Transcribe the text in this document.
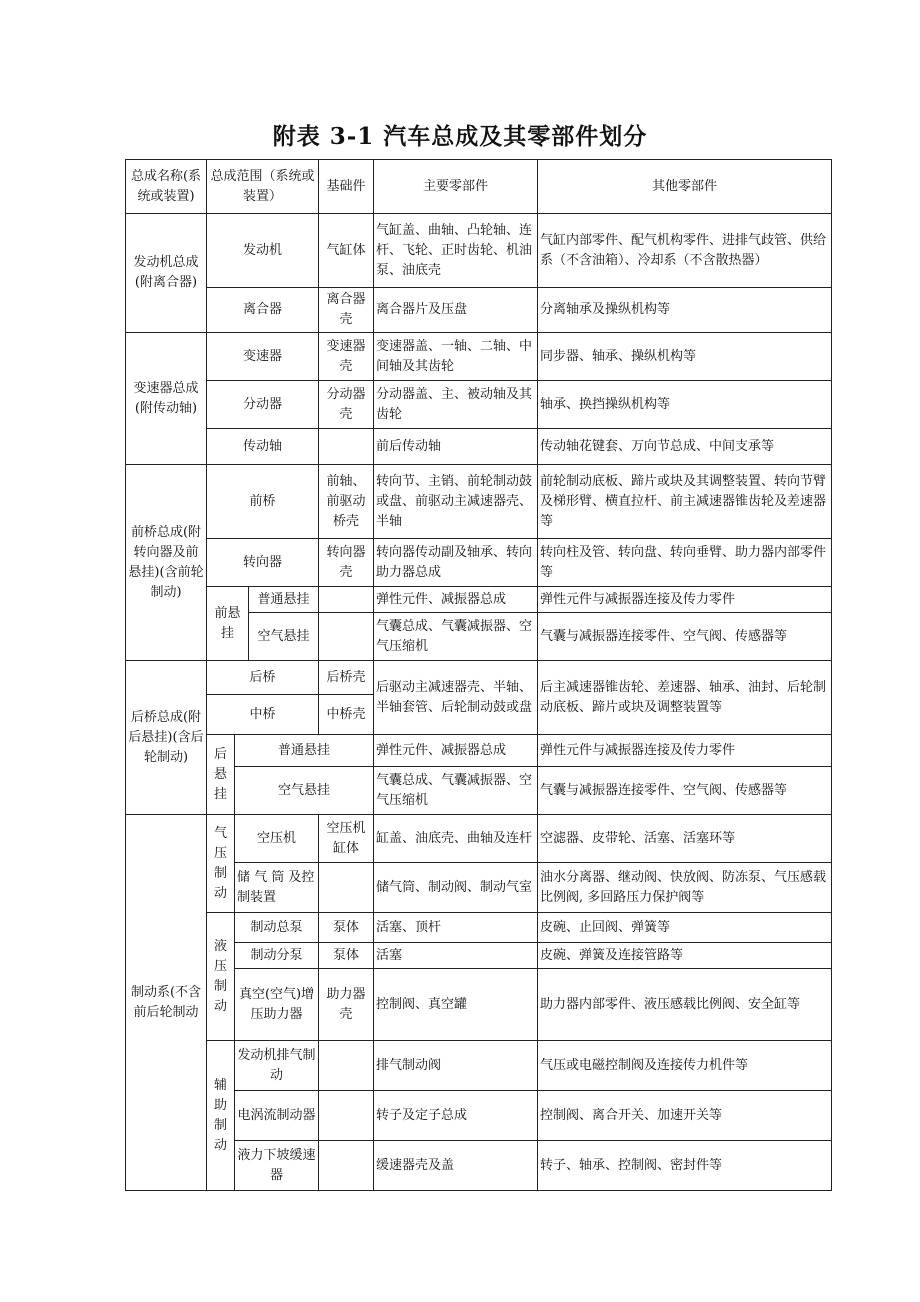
附表 3-1 汽车总成及其零部件划分
总成名称(系统或装置)	总成范围（系统或装置）			基础件	主要零部件	其他零部件
发动机总成(附离合器)	发动机			气缸体	气缸盖、曲轴、凸轮轴、连杆、飞轮、正时齿轮、机油泵、油底壳	气缸内部零件、配气机构零件、进排气歧管、供给系（不含油箱）、冷却系（不含散热器）
	离合器			离合器壳	离合器片及压盘	分离轴承及操纵机构等
变速器总成(附传动轴)	变速器			变速器壳	变速器盖、一轴、二轴、中间轴及其齿轮	同步器、轴承、操纵机构等
	分动器			分动器壳	分动器盖、主、被动轴及其齿轮	轴承、换挡操纵机构等
	传动轴				前后传动轴	传动轴花键套、万向节总成、中间支承等
前桥总成(附转向器及前悬挂)(含前轮制动)	前桥			前轴、前驱动桥壳	转向节、主销、前轮制动鼓或盘、前驱动主减速器壳、半轴	前轮制动底板、蹄片或块及其调整装置、转向节臂及梯形臂、横直拉杆、前主减速器锥齿轮及差速器等
	转向器			转向器壳	转向器传动副及轴承、转向助力器总成	转向柱及管、转向盘、转向垂臂、助力器内部零件等
	前悬挂		普通悬挂		弹性元件、减振器总成	弹性元件与减振器连接及传力零件
			空气悬挂		气囊总成、气囊减振器、空气压缩机	气囊与减振器连接零件、空气阀、传感器等
后桥总成(附后悬挂)(含后轮制动)	后桥			后桥壳	后驱动主减速器壳、半轴、半轴套管、后轮制动鼓或盘	后主减速器锥齿轮、差速器、轴承、油封、后轮制动底板、蹄片或块及调整装置等
	中桥			中桥壳		
	后悬挂	普通悬挂			弹性元件、减振器总成	弹性元件与减振器连接及传力零件
		空气悬挂			气囊总成、气囊减振器、空气压缩机	气囊与减振器连接零件、空气阀、传感器等
制动系(不含前后轮制动	气压制动	空压机		空压机缸体	缸盖、油底壳、曲轴及连杆	空滤器、皮带轮、活塞、活塞环等
		储 气 筒 及控制装置			储气筒、制动阀、制动气室	油水分离器、继动阀、快放阀、防冻泵、气压感载比例阀, 多回路压力保护阀等
	液压制动	制动总泵		泵体	活塞、顶杆	皮碗、止回阀、弹簧等
		制动分泵		泵体	活塞	皮碗、弹簧及连接管路等
		真空(空气)增压助力器		助力器壳	控制阀、真空罐	助力器内部零件、液压感载比例阀、安全缸等
	辅助制动	发动机排气制动			排气制动阀	气压或电磁控制阀及连接传力机件等
		电涡流制动器			转子及定子总成	控制阀、离合开关、加速开关等
		液力下坡缓速器			缓速器壳及盖	转子、轴承、控制阀、密封件等
